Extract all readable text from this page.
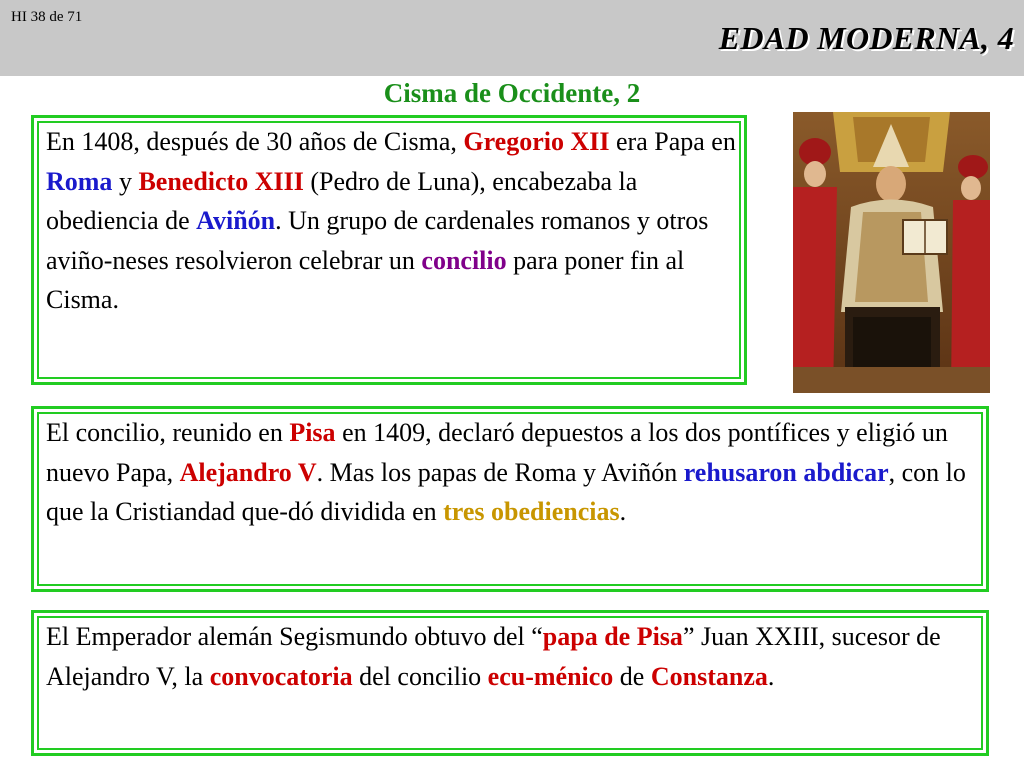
HI 38 de 71
EDAD MODERNA, 4
Cisma de Occidente, 2
En 1408, después de 30 años de Cisma, Gregorio XII era Papa en Roma y Benedicto XIII (Pedro de Luna), encabezaba la obediencia de Aviñón. Un grupo de cardenales romanos y otros aviño-neses resolvieron celebrar un concilio para poner fin al Cisma.
El concilio, reunido en Pisa en 1409, declaró depuestos a los dos pontífices y eligió un nuevo Papa, Alejandro V. Mas los papas de Roma y Aviñón rehusaron abdicar, con lo que la Cristiandad que-dó dividida en tres obediencias.
El Emperador alemán Segismundo obtuvo del “papa de Pisa” Juan XXIII, sucesor de Alejandro V, la convocatoria del concilio ecu-ménico de Constanza.
